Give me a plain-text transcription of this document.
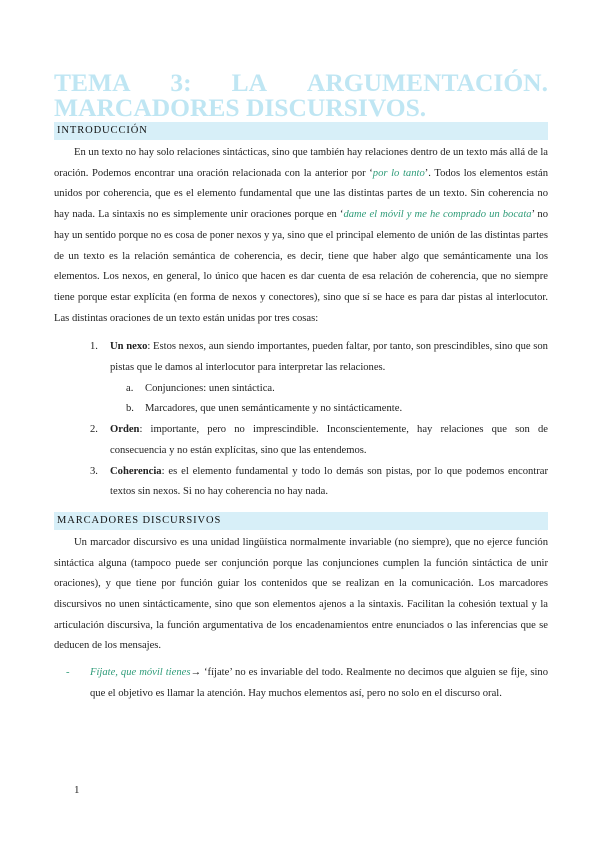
TEMA 3: LA ARGUMENTACIÓN.
MARCADORES DISCURSIVOS.
INTRODUCCIÓN

En un texto no hay solo relaciones sintácticas, sino que también hay relaciones dentro de un texto más allá de la oración. Podemos encontrar una oración relacionada con la anterior por ‘por lo tanto’. Todos los elementos están unidos por coherencia, que es el elemento fundamental que une las distintas partes de un texto. Sin coherencia no hay nada. La sintaxis no es simplemente unir oraciones porque en ‘dame el móvil y me he comprado un bocata’ no hay un sentido porque no es cosa de poner nexos y ya, sino que el principal elemento de unión de las distintas partes de un texto es la relación semántica de coherencia, es decir, tiene que haber algo que semánticamente una los elementos. Los nexos, en general, lo único que hacen es dar cuenta de esa relación de coherencia, que no siempre tiene porque estar explícita (en forma de nexos y conectores), sino que sí se hace es para dar pistas al interlocutor. Las distintas oraciones de un texto están unidas por tres cosas:

1. Un nexo: Estos nexos, aun siendo importantes, pueden faltar, por tanto, son prescindibles, sino que son pistas que le damos al interlocutor para interpretar las relaciones.
a. Conjunciones: unen sintáctica.
b. Marcadores, que unen semánticamente y no sintácticamente.
2. Orden: importante, pero no imprescindible. Inconscientemente, hay relaciones que son de consecuencia y no están explícitas, sino que las entendemos.
3. Coherencia: es el elemento fundamental y todo lo demás son pistas, por lo que podemos encontrar textos sin nexos. Si no hay coherencia no hay nada.
MARCADORES DISCURSIVOS

Un marcador discursivo es una unidad lingüística normalmente invariable (no siempre), que no ejerce función sintáctica alguna (tampoco puede ser conjunción porque las conjunciones cumplen la función sintáctica de unir oraciones), y que tiene por función guiar los contenidos que se realizan en la comunicación. Los marcadores discursivos no unen sintácticamente, sino que son elementos ajenos a la sintaxis. Facilitan la cohesión textual y la articulación discursiva, la función argumentativa de los encadenamientos entre enunciados o las inferencias que se deducen de los mensajes.

- Fíjate, que móvil tienes→ ‘fíjate’ no es invariable del todo. Realmente no decimos que alguien se fije, sino que el objetivo es llamar la atención. Hay muchos elementos así, pero no solo en el discurso oral.
1
